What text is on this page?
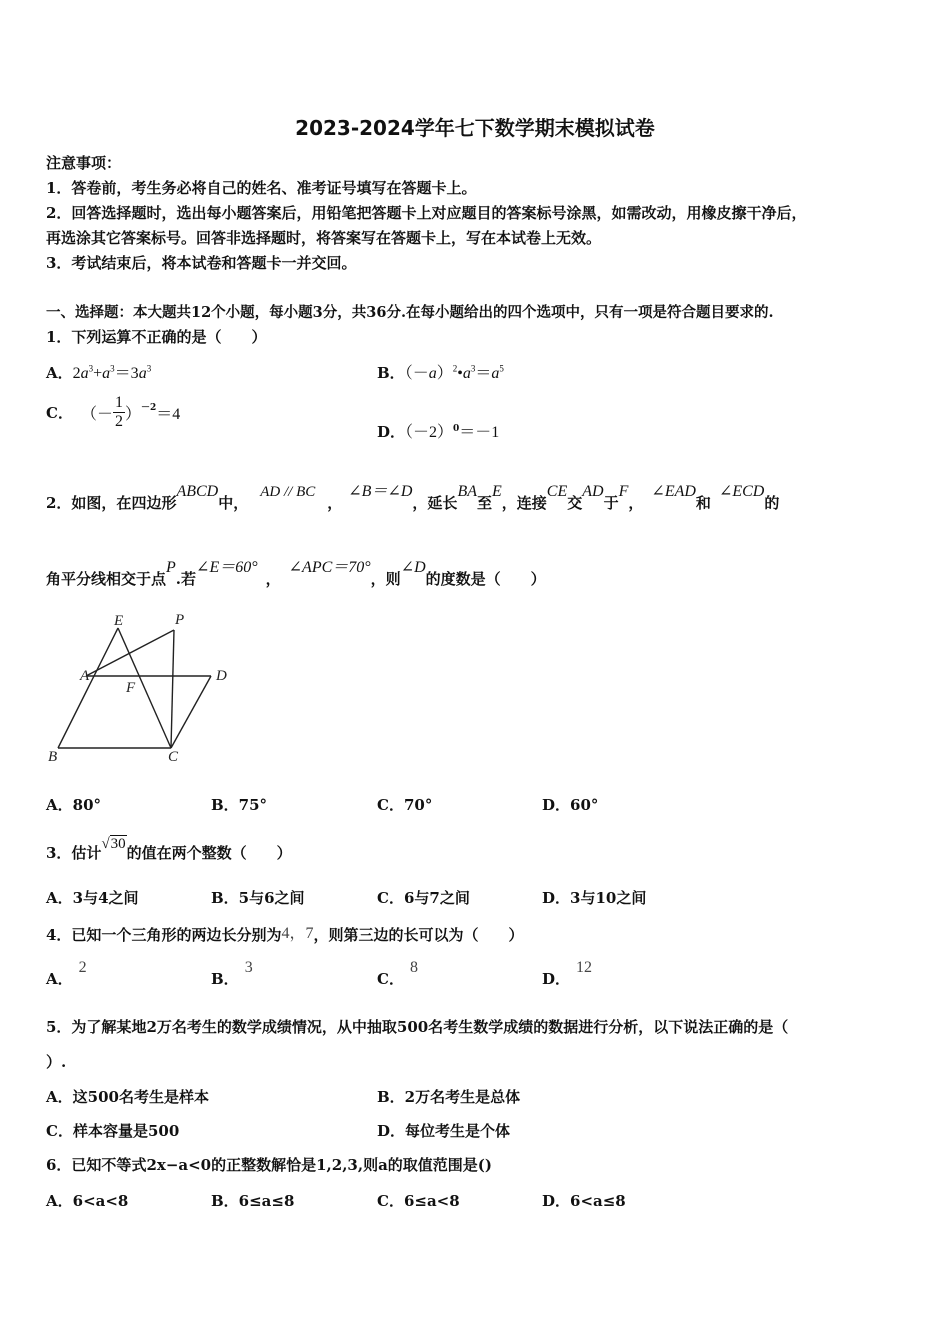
2023-2024学年七下数学期末模拟试卷
注意事项：
1．答卷前，考生务必将自己的姓名、准考证号填写在答题卡上。
2．回答选择题时，选出每小题答案后，用铅笔把答题卡上对应题目的答案标号涂黑，如需改动，用橡皮擦干净后，
再选涂其它答案标号。回答非选择题时，将答案写在答题卡上，写在本试卷上无效。
3．考试结束后，将本试卷和答题卡一并交回。
一、选择题：本大题共12个小题，每小题3分，共36分.在每小题给出的四个选项中，只有一项是符合题目要求的.
1．下列运算不正确的是（　　）
A．$2a^3+a^3=3a^3$	B．$(-a)^2•a^3=a^5$
C． （－ $\frac{1}{2} )^{-2} =4$
D．$(-2)^0=-1$
2．如图，在四边形ABCD中，AD // BC，∠B＝∠D，延长BA至E，连接CE交AD于F，∠EAD和∠ECD的
角平分线相交于点P.若∠E＝60°，∠APC＝70°，则∠D的度数是（　　）
E	P
A
F
D
B	C
A．80°	B．75°	C．70°	D．60°
3．估计√30的值在两个整数（　　）
A．3与4之间	B．5与6之间	C．6与7之间	D．3与10之间
4．已知一个三角形的两边长分别为4，7，则第三边的长可以为（　　）
A．2
B．3
C．8
D．12
5．为了解某地2万名考生的数学成绩情况，从中抽取500名考生数学成绩的数据进行分析，以下说法正确的是（
）.
A．这500名考生是样本	B．2万名考生是总体
C．样本容量是500	D．每位考生是个体
6．已知不等式2x−a<0的正整数解恰是1,2,3,则a的取值范围是()
A．6<a<8	B．6≤a≤8	C．6≤a<8	D．6<a≤8
